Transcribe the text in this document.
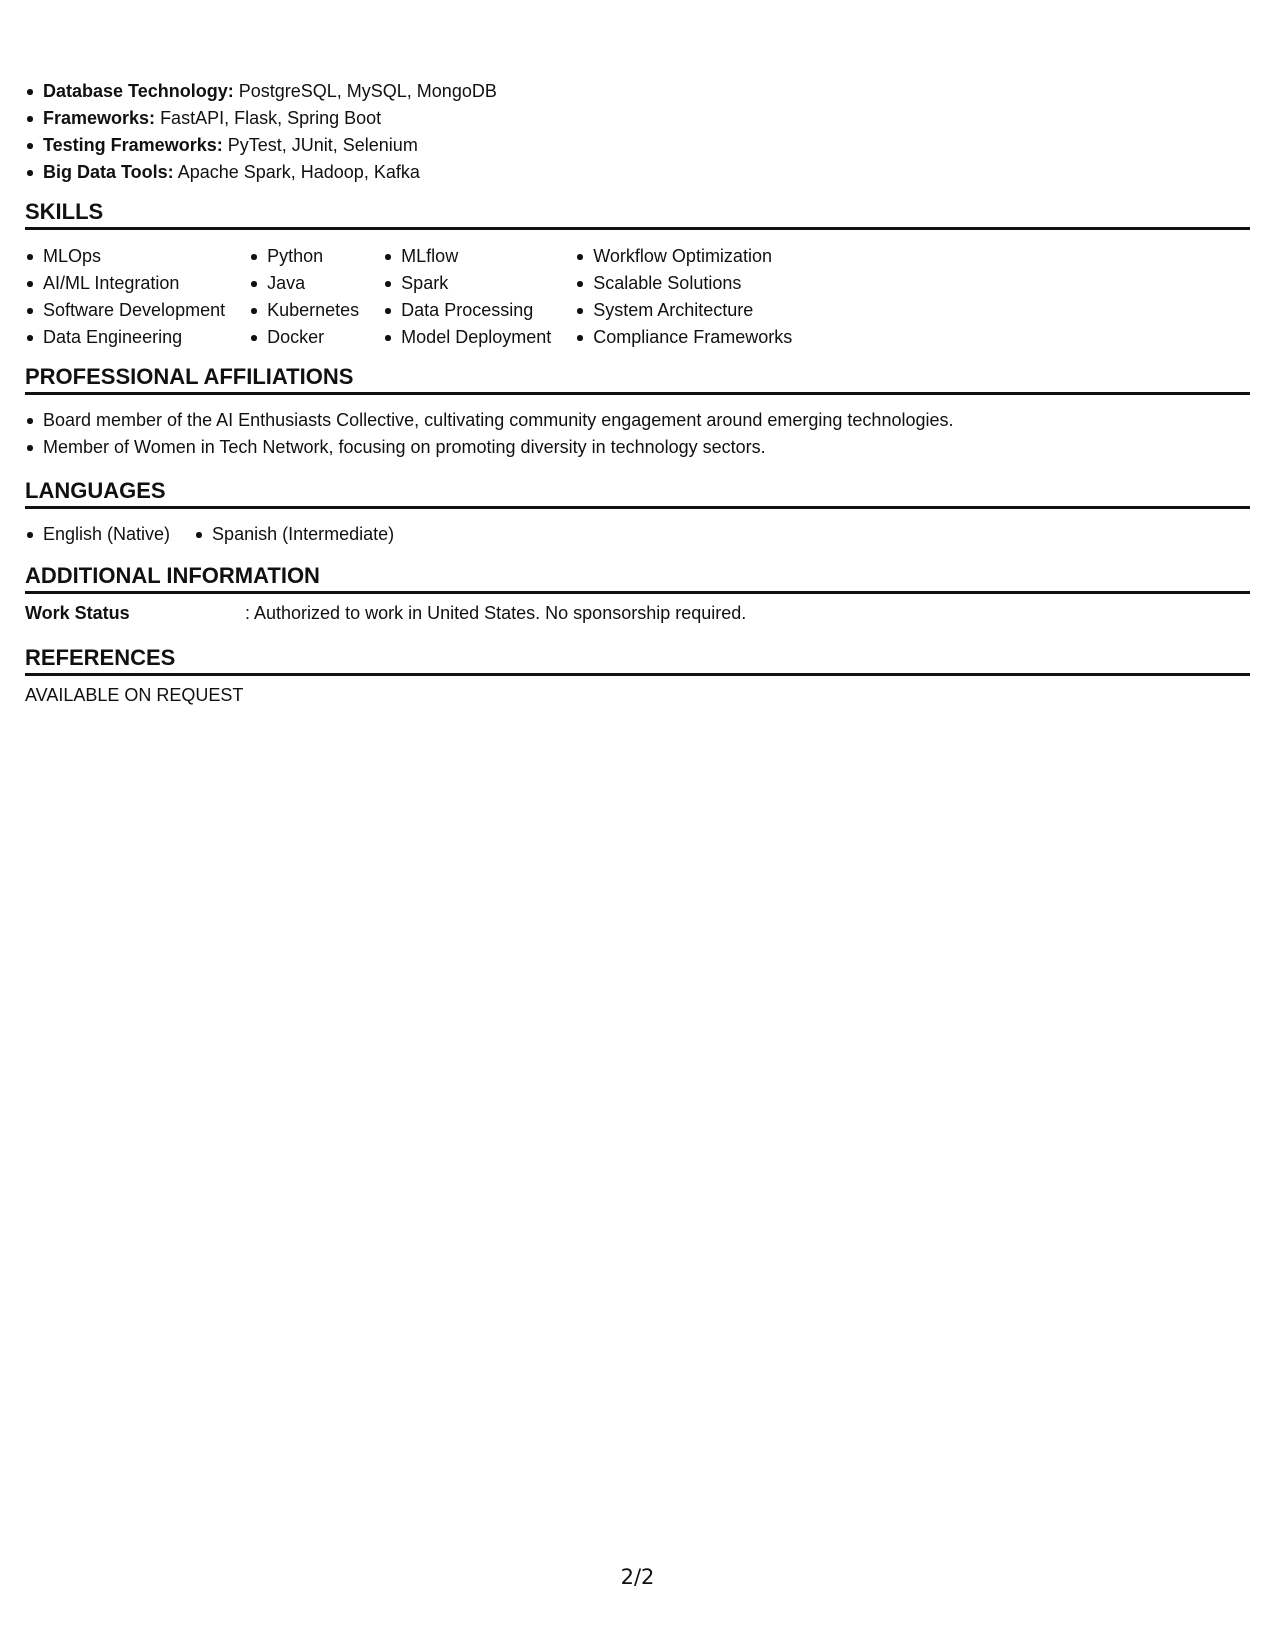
Database Technology: PostgreSQL, MySQL, MongoDB
Frameworks: FastAPI, Flask, Spring Boot
Testing Frameworks: PyTest, JUnit, Selenium
Big Data Tools: Apache Spark, Hadoop, Kafka
SKILLS
MLOps
AI/ML Integration
Software Development
Data Engineering
Python
Java
Kubernetes
Docker
MLflow
Spark
Data Processing
Model Deployment
Workflow Optimization
Scalable Solutions
System Architecture
Compliance Frameworks
PROFESSIONAL AFFILIATIONS
Board member of the AI Enthusiasts Collective, cultivating community engagement around emerging technologies.
Member of Women in Tech Network, focusing on promoting diversity in technology sectors.
LANGUAGES
English (Native)	Spanish (Intermediate)
ADDITIONAL INFORMATION
Work Status	: Authorized to work in United States. No sponsorship required.
REFERENCES
AVAILABLE ON REQUEST
2/2
